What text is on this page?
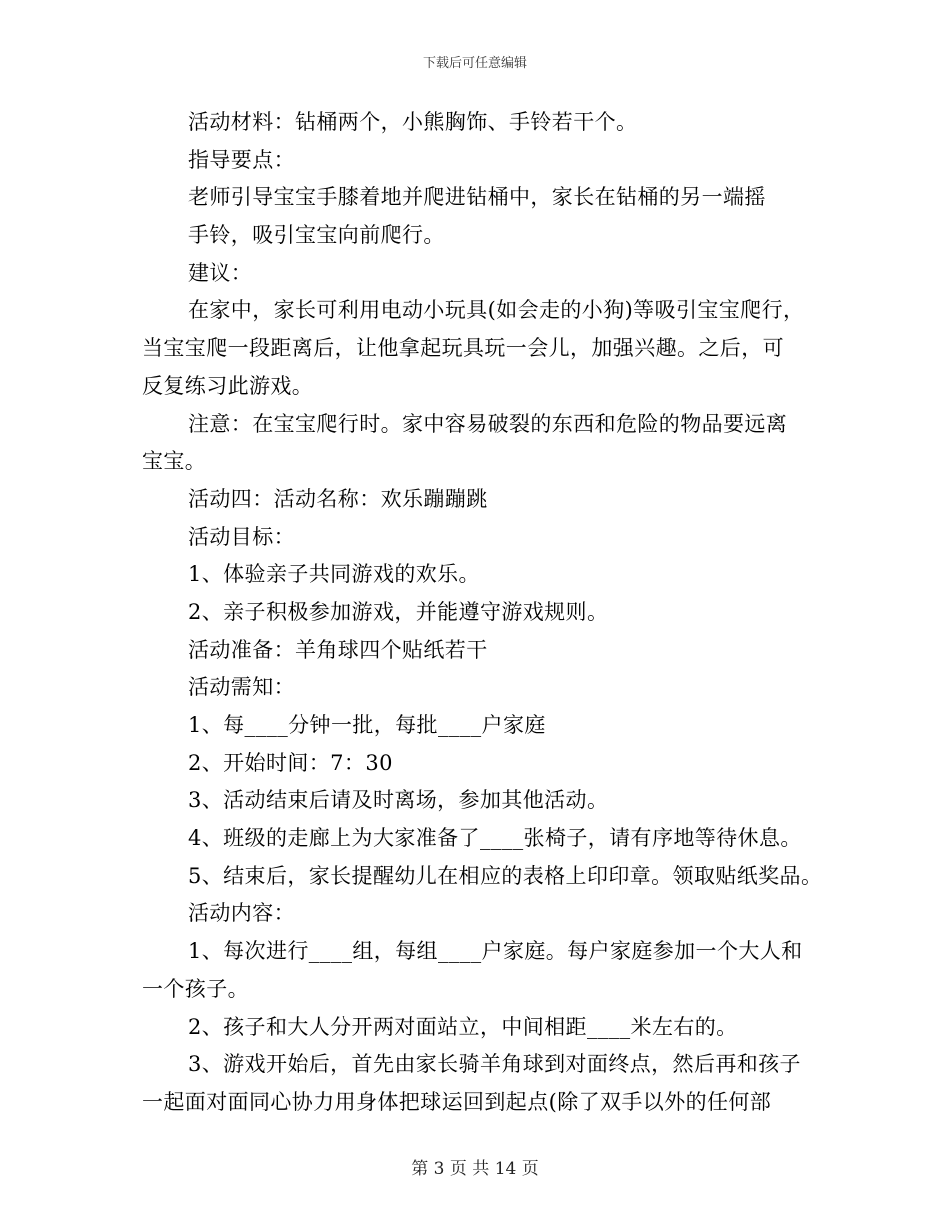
下载后可任意编辑
活动材料：钻桶两个，小熊胸饰、手铃若干个。
指导要点：
老师引导宝宝手膝着地并爬进钻桶中，家长在钻桶的另一端摇
手铃，吸引宝宝向前爬行。
建议：
在家中，家长可利用电动小玩具(如会走的小狗)等吸引宝宝爬行，
当宝宝爬一段距离后，让他拿起玩具玩一会儿，加强兴趣。之后，可
反复练习此游戏。
注意：在宝宝爬行时。家中容易破裂的东西和危险的物品要远离
宝宝。
活动四：活动名称：欢乐蹦蹦跳
活动目标：
1、体验亲子共同游戏的欢乐。
2、亲子积极参加游戏，并能遵守游戏规则。
活动准备：羊角球四个贴纸若干
活动需知：
1、每____分钟一批，每批____户家庭
2、开始时间：7：30
3、活动结束后请及时离场，参加其他活动。
4、班级的走廊上为大家准备了____张椅子，请有序地等待休息。
5、结束后，家长提醒幼儿在相应的表格上印印章。领取贴纸奖品。
活动内容：
1、每次进行____组，每组____户家庭。每户家庭参加一个大人和
一个孩子。
2、孩子和大人分开两对面站立，中间相距____米左右的。
3、游戏开始后，首先由家长骑羊角球到对面终点，然后再和孩子
一起面对面同心协力用身体把球运回到起点(除了双手以外的任何部
第 3 页 共 14 页
